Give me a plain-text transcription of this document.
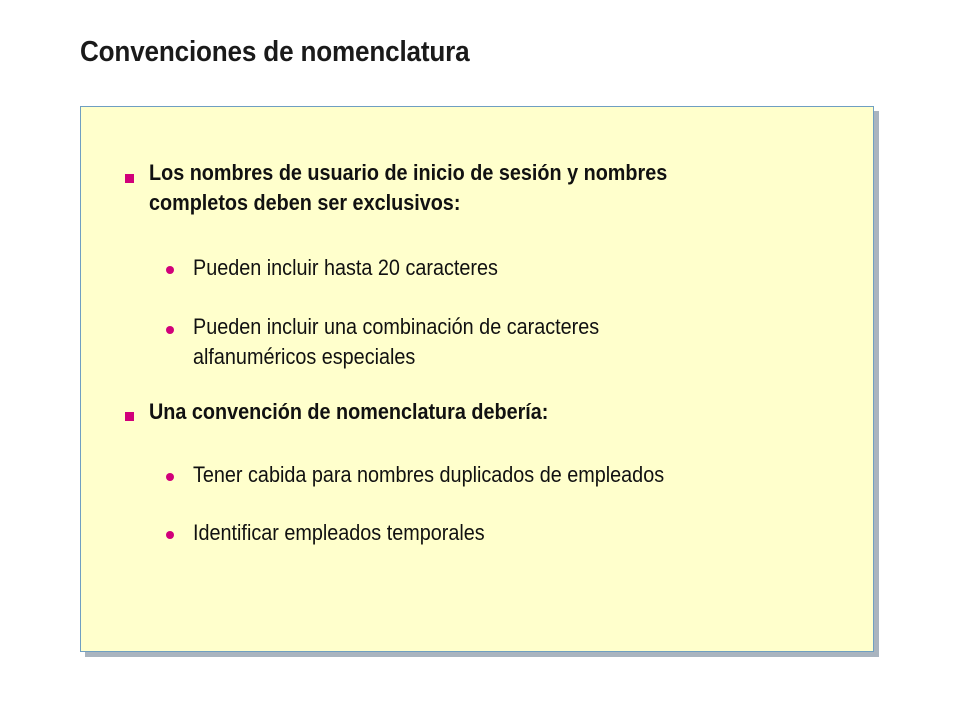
Convenciones de nomenclatura
Los nombres de usuario de inicio de sesión y nombres
completos deben ser exclusivos:
Pueden incluir hasta 20 caracteres
Pueden incluir una combinación de caracteres
alfanuméricos especiales
Una convención de nomenclatura debería:
Tener cabida para nombres duplicados de empleados
Identificar empleados temporales
